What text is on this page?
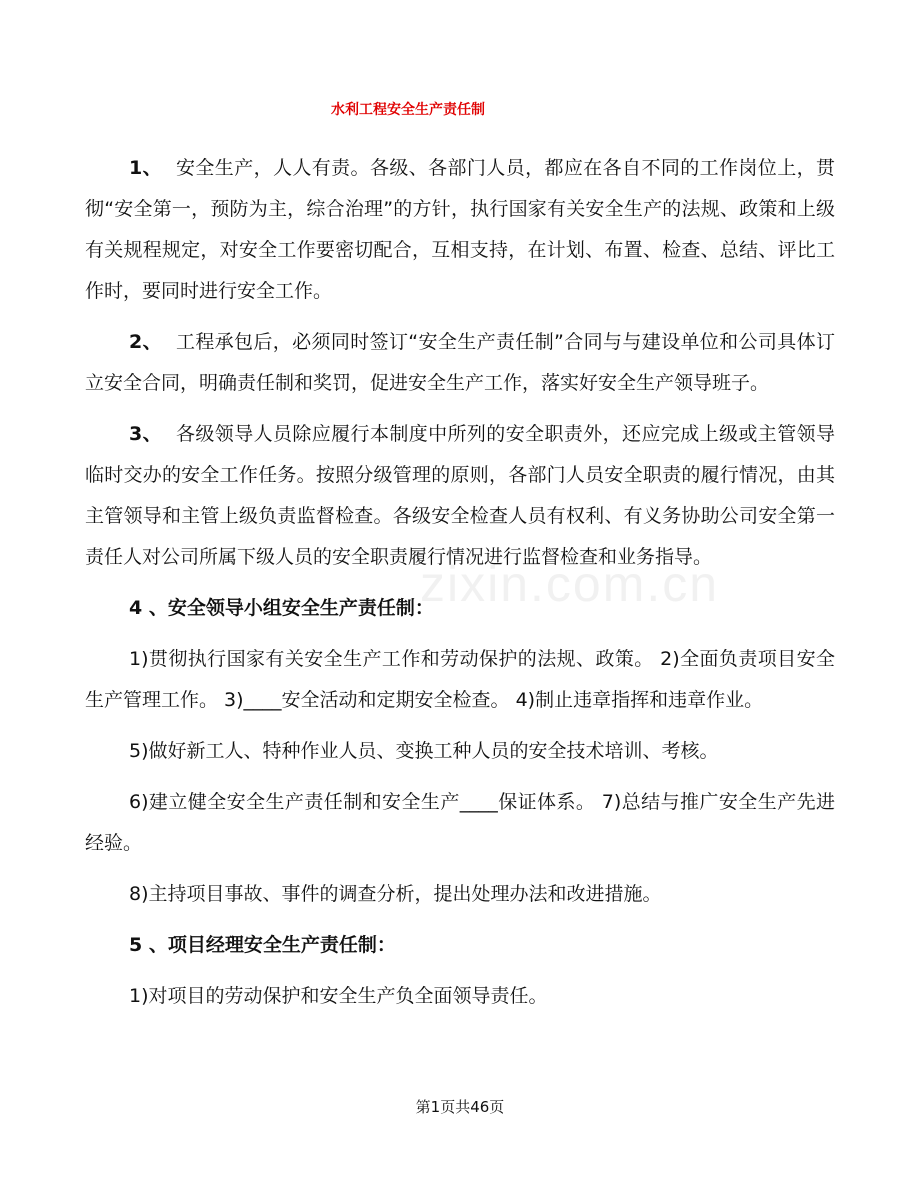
水利工程安全生产责任制
zixin.com.cn

1、 安全生产，人人有责。各级、各部门人员，都应在各自不同的工作岗位上，贯彻“安全第一，预防为主，综合治理”的方针，执行国家有关安全生产的法规、政策和上级有关规程规定，对安全工作要密切配合，互相支持，在计划、布置、检查、总结、评比工作时，要同时进行安全工作。

2、 工程承包后，必须同时签订“安全生产责任制”合同与与建设单位和公司具体订立安全合同，明确责任制和奖罚，促进安全生产工作，落实好安全生产领导班子。

3、 各级领导人员除应履行本制度中所列的安全职责外，还应完成上级或主管领导临时交办的安全工作任务。按照分级管理的原则，各部门人员安全职责的履行情况，由其主管领导和主管上级负责监督检查。各级安全检查人员有权利、有义务协助公司安全第一责任人对公司所属下级人员的安全职责履行情况进行监督检查和业务指导。

4 、安全领导小组安全生产责任制：

1)贯彻执行国家有关安全生产工作和劳动保护的法规、政策。 2)全面负责项目安全生产管理工作。 3)____安全活动和定期安全检查。 4)制止违章指挥和违章作业。

5)做好新工人、特种作业人员、变换工种人员的安全技术培训、考核。

6)建立健全安全生产责任制和安全生产____保证体系。 7)总结与推广安全生产先进经验。

8)主持项目事故、事件的调查分析，提出处理办法和改进措施。

5 、项目经理安全生产责任制：

1)对项目的劳动保护和安全生产负全面领导责任。

第1页共46页
